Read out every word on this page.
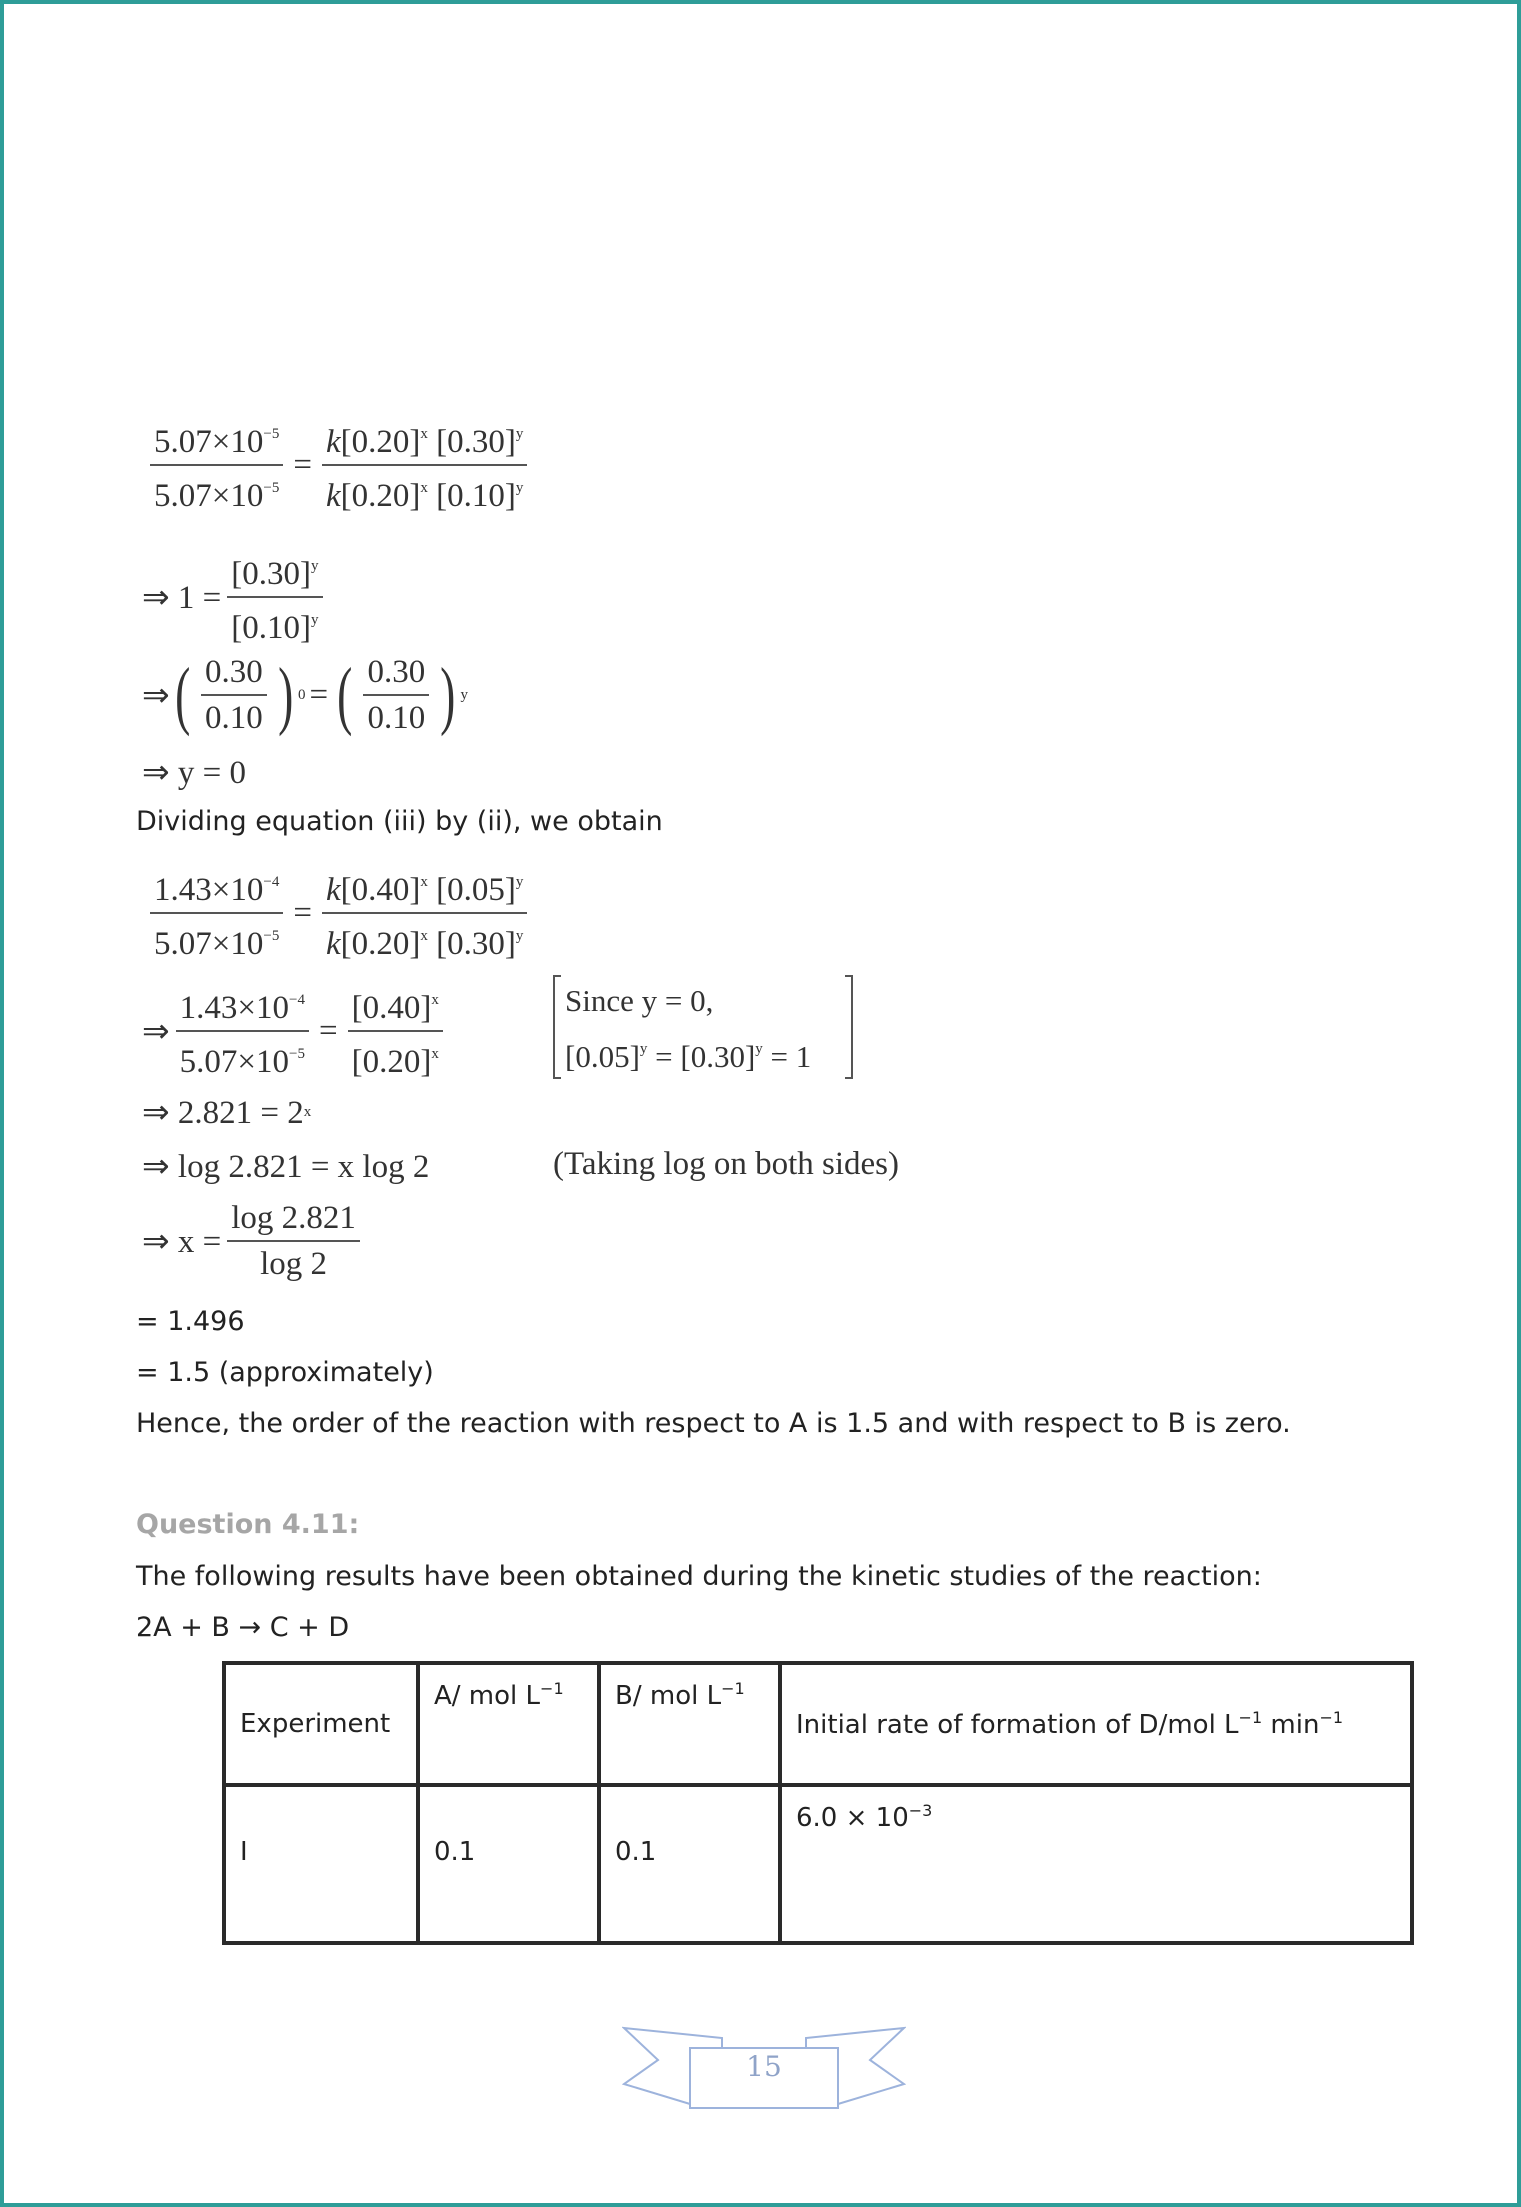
$\frac{5.07\times 10^{-5}}{5.07\times 10^{-5}} = \frac{k[0.20]^x [0.30]^y}{k[0.20]^x [0.10]^y}$
⇒ $1 = \frac{[0.30]^y}{[0.10]^y}$
⇒ ( $\frac{0.30}{0.10}$ ) 0 = ( $\frac{0.30}{0.10}$ ) y
⇒ y = 0
Dividing equation (iii) by (ii), we obtain
$\frac{1.43\times 10^{-4}}{5.07\times 10^{-5}} = \frac{k[0.40]^x [0.05]^y}{k[0.20]^x [0.30]^y}$
⇒ $\frac{1.43\times 10^{-4}}{5.07\times 10^{-5}} = \frac{[0.40]^x}{[0.20]^x}$	Since y = 0,
$[0.05]^y = [0.30]^y = 1$
⇒ 2.821 = 2 x
⇒ log 2.821 = x log 2	(Taking log on both sides)
⇒ $x = \frac{\log 2.821}{\log 2}$
= 1.496
= 1.5 (approximately)
Hence, the order of the reaction with respect to A is 1.5 and with respect to B is zero.
Question 4.11:
The following results have been obtained during the kinetic studies of the reaction:
2A + B → C + D
Experiment	A/ mol $L^{-1}$	B/ mol $L^{-1}$	Initial rate of formation of D/mol $L^{-1}$ $\min^{-1}$
I	0.1	0.1	$6.0 \times 10^{-3}$
15
